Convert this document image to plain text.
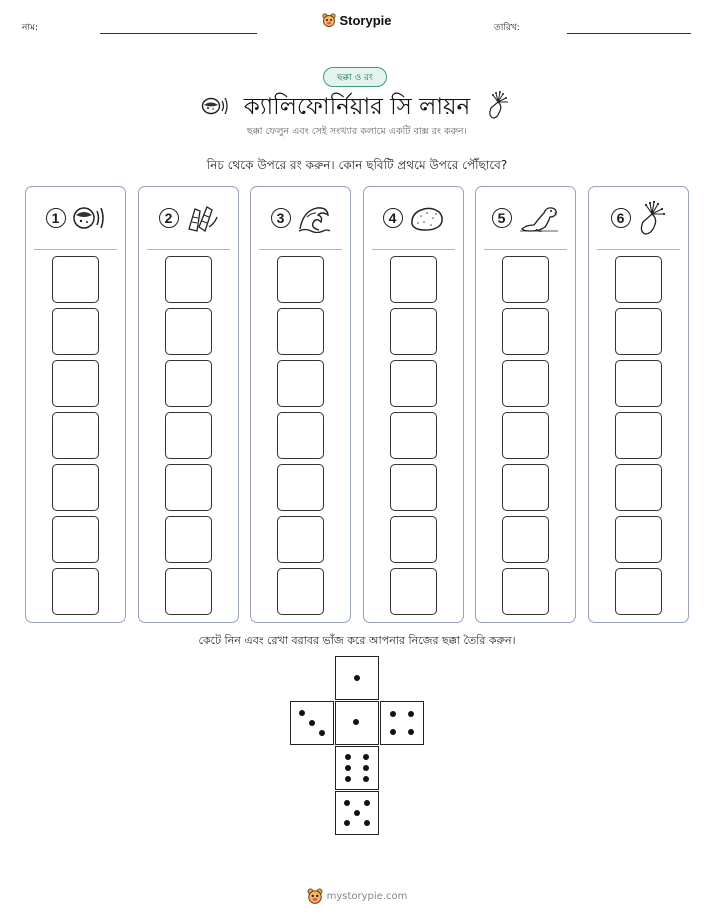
নাম:	Storypie	তারিখ:
ছক্কা ও রং
ক্যালিফোর্নিয়ার সি লায়ন
ছক্কা ফেলুন এবং সেই সংখ্যার কলামে একটি বাক্স রং করুন।
নিচ থেকে উপরে রং করুন। কোন ছবিটি প্রথমে উপরে পৌঁছাবে?
1	2	3	4	5	6
কেটে নিন এবং রেখা বরাবর ভাঁজ করে আপনার নিজের ছক্কা তৈরি করুন।
mystorypie.com
